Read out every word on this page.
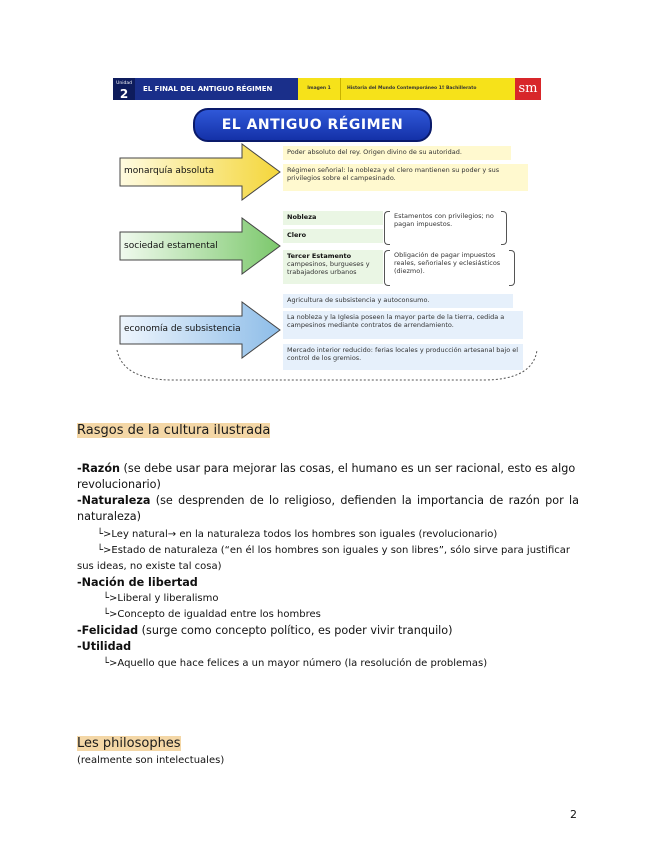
Unidad
2	EL FINAL DEL ANTIGUO RÉGIMEN	Imagen 1	Historia del Mundo Contemporáneo 1º Bachillerato	sm
EL ANTIGUO RÉGIMEN
monarquía absoluta
Poder absoluto del rey. Origen divino de su autoridad.
Régimen señorial: la nobleza y el clero mantienen su poder y sus privilegios sobre el campesinado.
sociedad estamental
Nobleza
Clero
Estamentos con privilegios; no pagan impuestos.
Tercer Estamento
campesinos, burgueses y trabajadores urbanos
Obligación de pagar impuestos reales, señoriales y eclesiásticos (diezmo).
economía de subsistencia
Agricultura de subsistencia y autoconsumo.
La nobleza y la Iglesia poseen la mayor parte de la tierra, cedida a campesinos mediante contratos de arrendamiento.
Mercado interior reducido: ferias locales y producción artesanal bajo el control de los gremios.
Rasgos de la cultura ilustrada
-Razón (se debe usar para mejorar las cosas, el humano es un ser racional, esto es algo revolucionario)
-Naturaleza (se desprenden de lo religioso, defienden la importancia de razón por la naturaleza)
└>Ley natural→ en la naturaleza todos los hombres son iguales (revolucionario)
└>Estado de naturaleza (“en él los hombres son iguales y son libres”, sólo sirve para justificar sus ideas, no existe tal cosa)
-Nación de libertad
└>Liberal y liberalismo
└>Concepto de igualdad entre los hombres
-Felicidad (surge como concepto político, es poder vivir tranquilo)
-Utilidad
└>Aquello que hace felices a un mayor número (la resolución de problemas)
Les philosophes
(realmente son intelectuales)
2
